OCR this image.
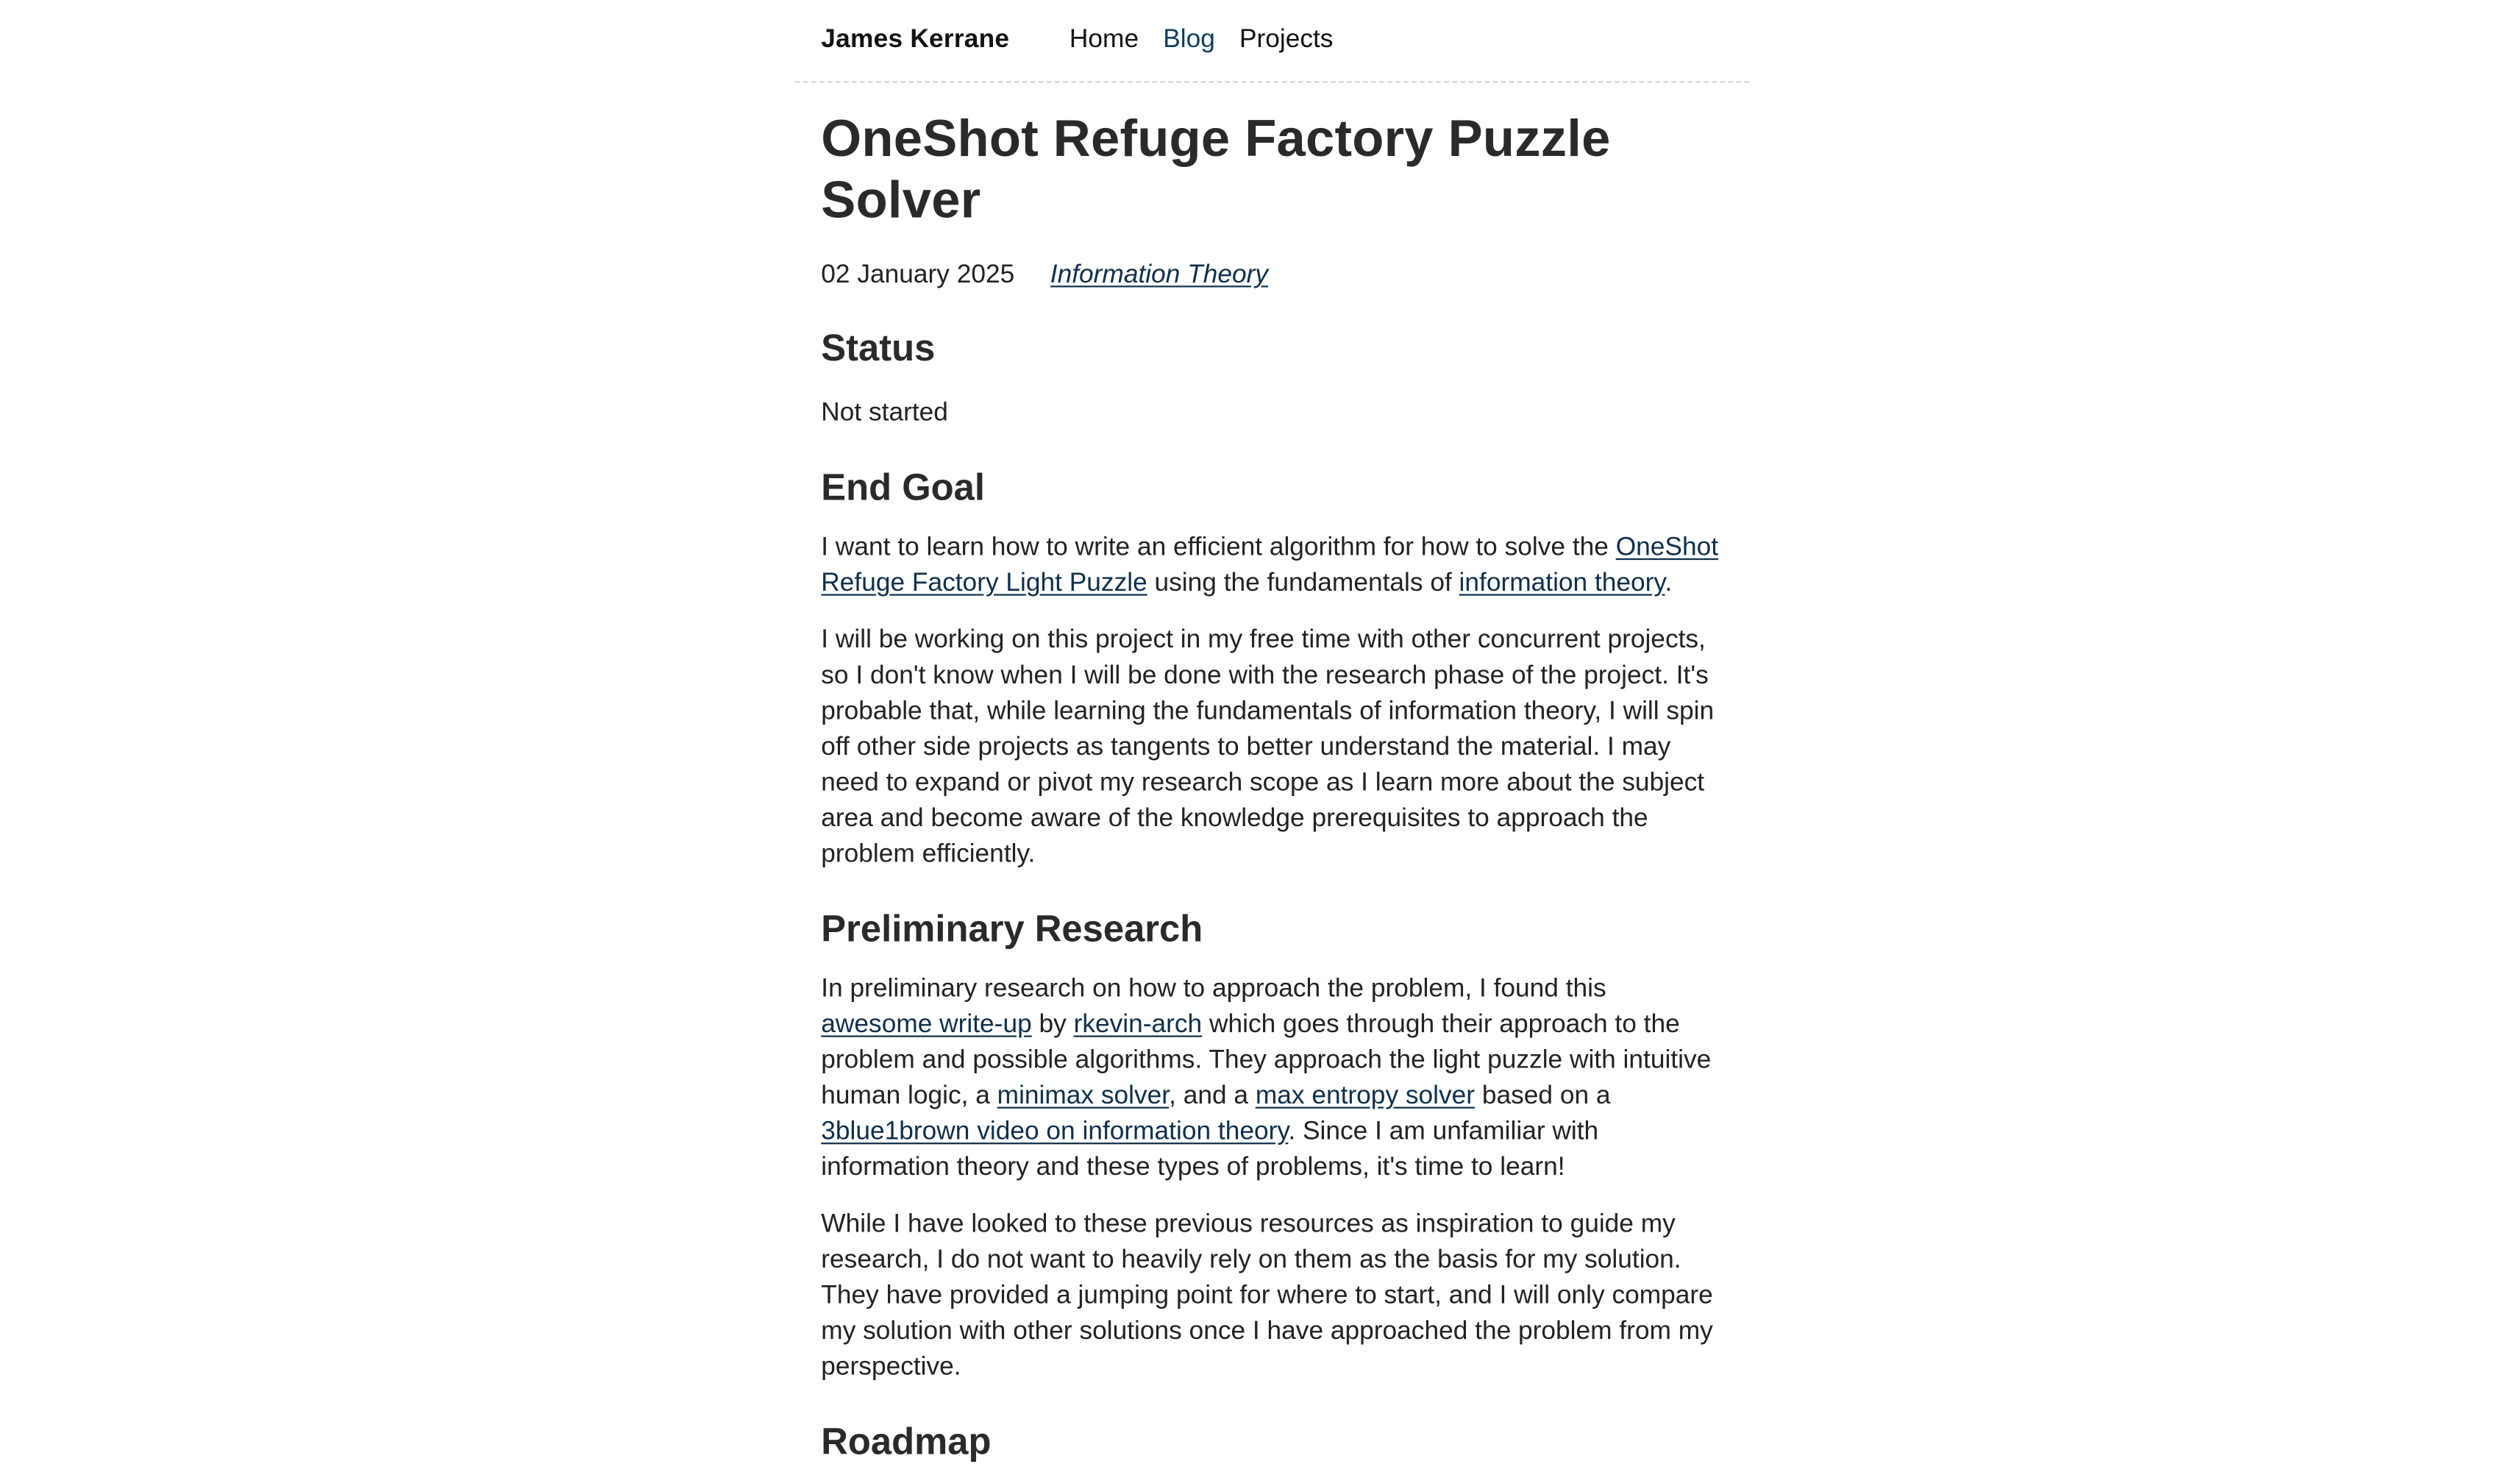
James Kerrane	Home Blog Projects
OneShot Refuge Factory Puzzle Solver
02 January 2025	Information Theory
Status

Not started

End Goal

I want to learn how to write an efficient algorithm for how to solve the OneShot Refuge Factory Light Puzzle using the fundamentals of information theory.

I will be working on this project in my free time with other concurrent projects, so I don't know when I will be done with the research phase of the project. It's probable that, while learning the fundamentals of information theory, I will spin off other side projects as tangents to better understand the material. I may need to expand or pivot my research scope as I learn more about the subject area and become aware of the knowledge prerequisites to approach the problem efficiently.

Preliminary Research

In preliminary research on how to approach the problem, I found this awesome write-up by rkevin-arch which goes through their approach to the problem and possible algorithms. They approach the light puzzle with intuitive human logic, a minimax solver, and a max entropy solver based on a 3blue1brown video on information theory. Since I am unfamiliar with information theory and these types of problems, it's time to learn!

While I have looked to these previous resources as inspiration to guide my research, I do not want to heavily rely on them as the basis for my solution. They have provided a jumping point for where to start, and I will only compare my solution with other solutions once I have approached the problem from my perspective.

Roadmap
